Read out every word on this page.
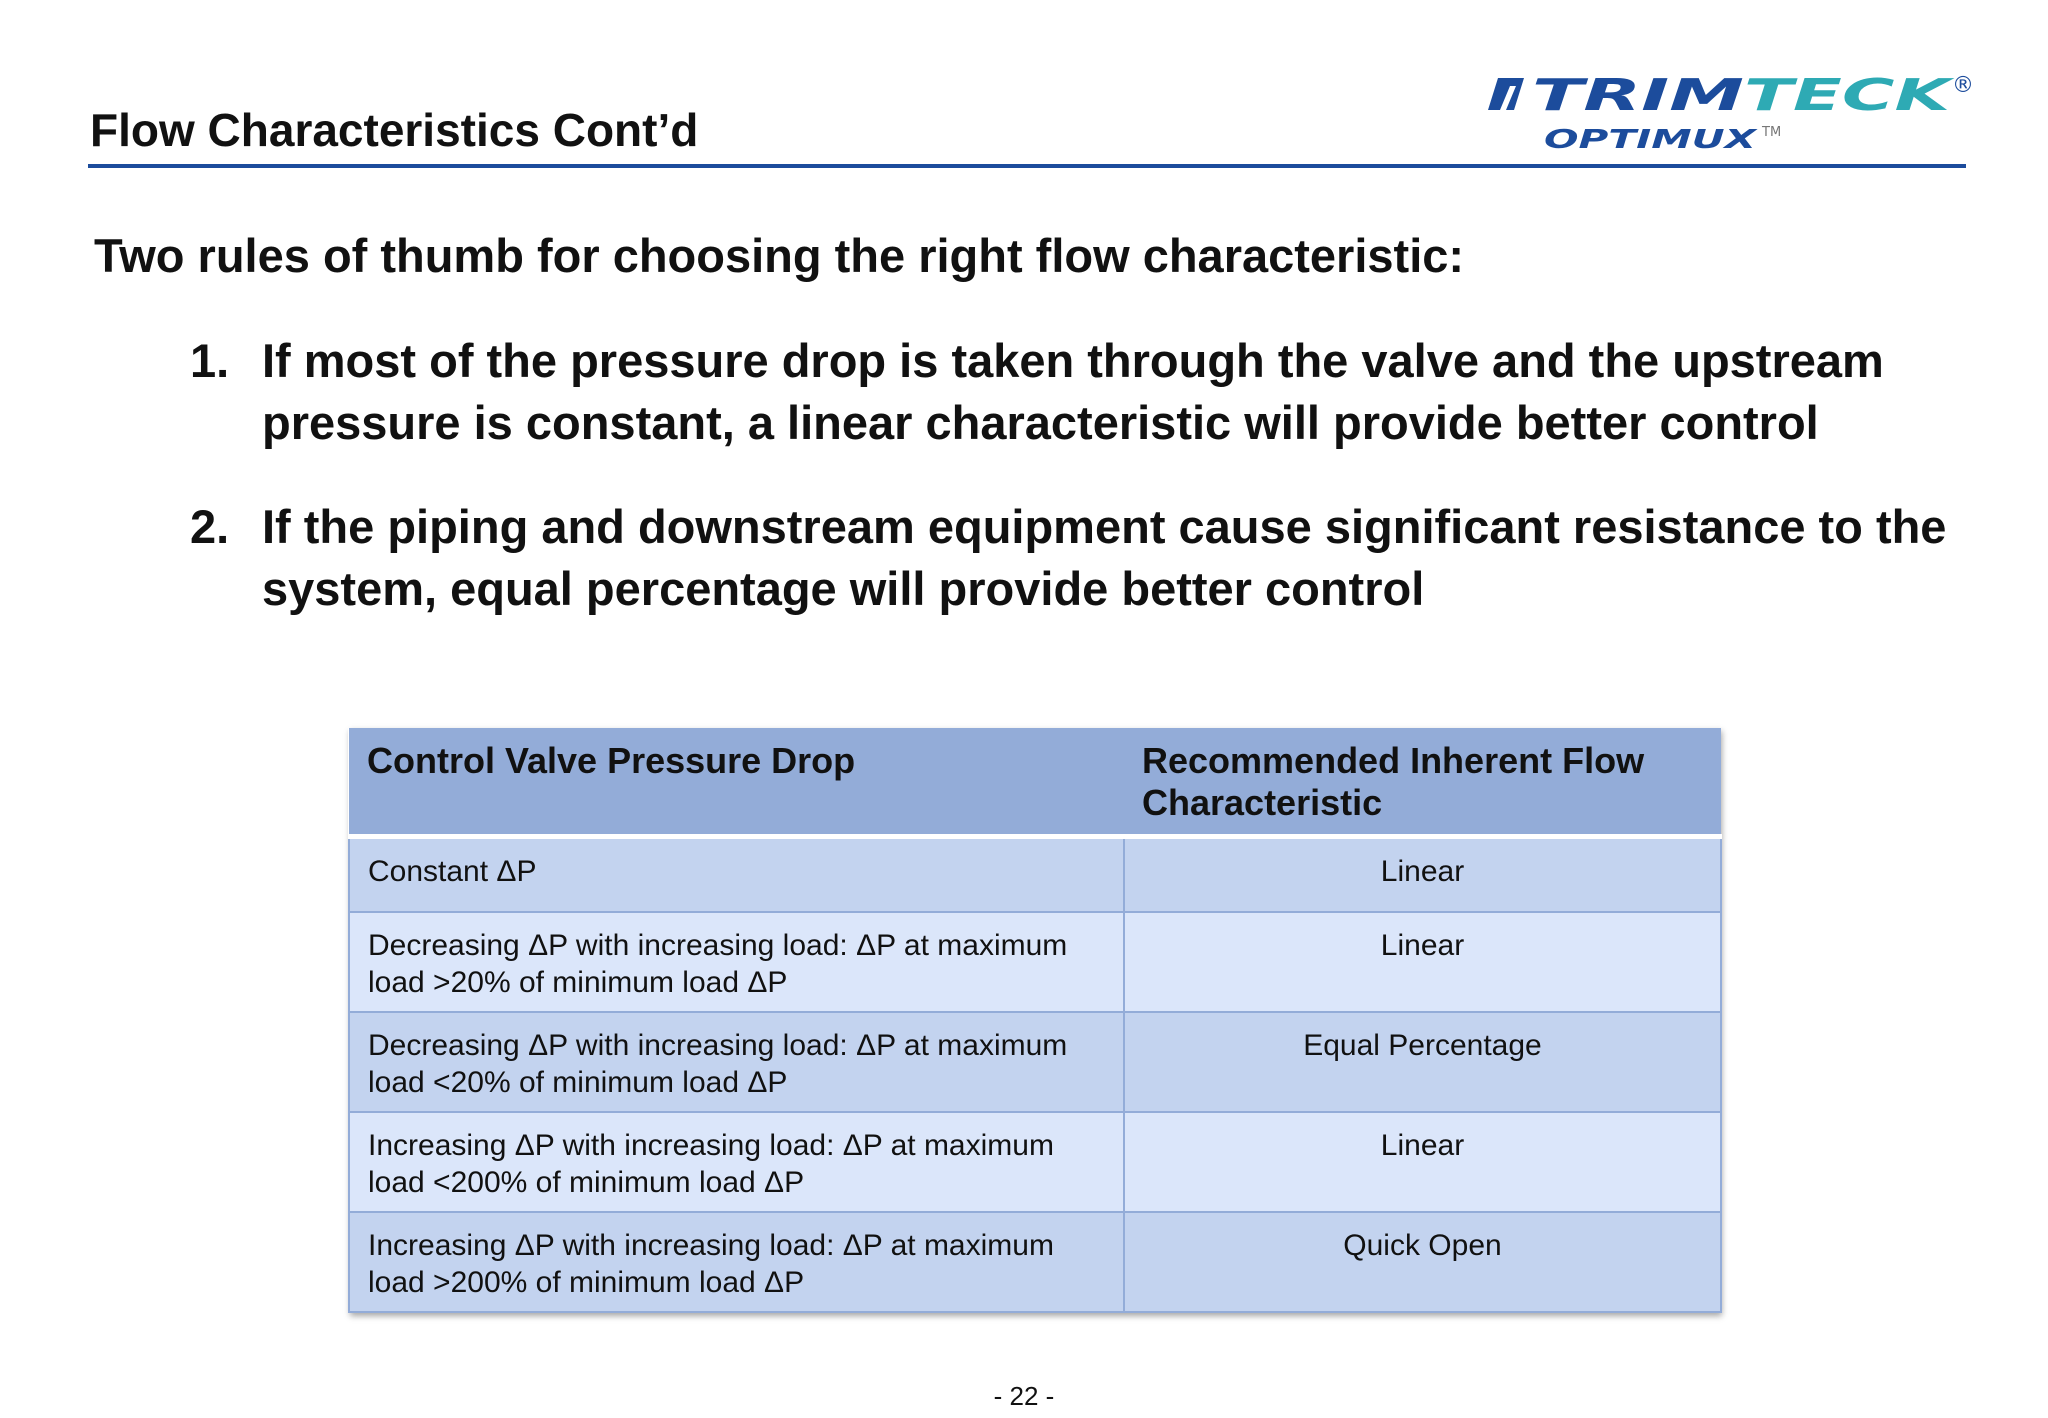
Flow Characteristics Cont’d
TRIM TECK
®
OPTIMUX TM
Two rules of thumb for choosing the right flow characteristic:
1. If most of the pressure drop is taken through the valve and the upstream pressure is constant, a linear characteristic will provide better control
2. If the piping and downstream equipment cause significant resistance to the system, equal percentage will provide better control
Control Valve Pressure Drop	Recommended Inherent Flow Characteristic
Constant ΔP	Linear
Decreasing ΔP with increasing load: ΔP at maximum load >20% of minimum load ΔP	Linear
Decreasing ΔP with increasing load: ΔP at maximum load <20% of minimum load ΔP	Equal Percentage
Increasing ΔP with increasing load: ΔP at maximum load <200% of minimum load ΔP	Linear
Increasing ΔP with increasing load: ΔP at maximum load >200% of minimum load ΔP	Quick Open
- 22 -
